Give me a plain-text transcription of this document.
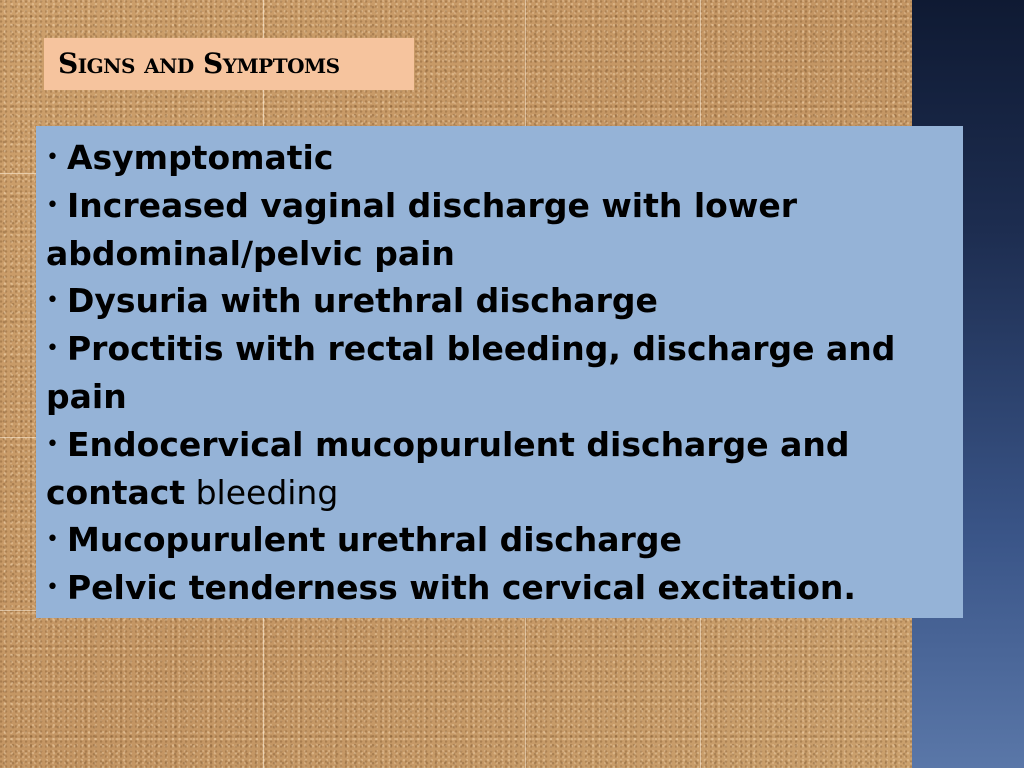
Signs and Symptoms
• Asymptomatic
• Increased vaginal discharge with lower abdominal/pelvic pain
• Dysuria with urethral discharge
• Proctitis with rectal bleeding, discharge and pain
• Endocervical mucopurulent discharge and contact bleeding
• Mucopurulent urethral discharge
• Pelvic tenderness with cervical excitation.
